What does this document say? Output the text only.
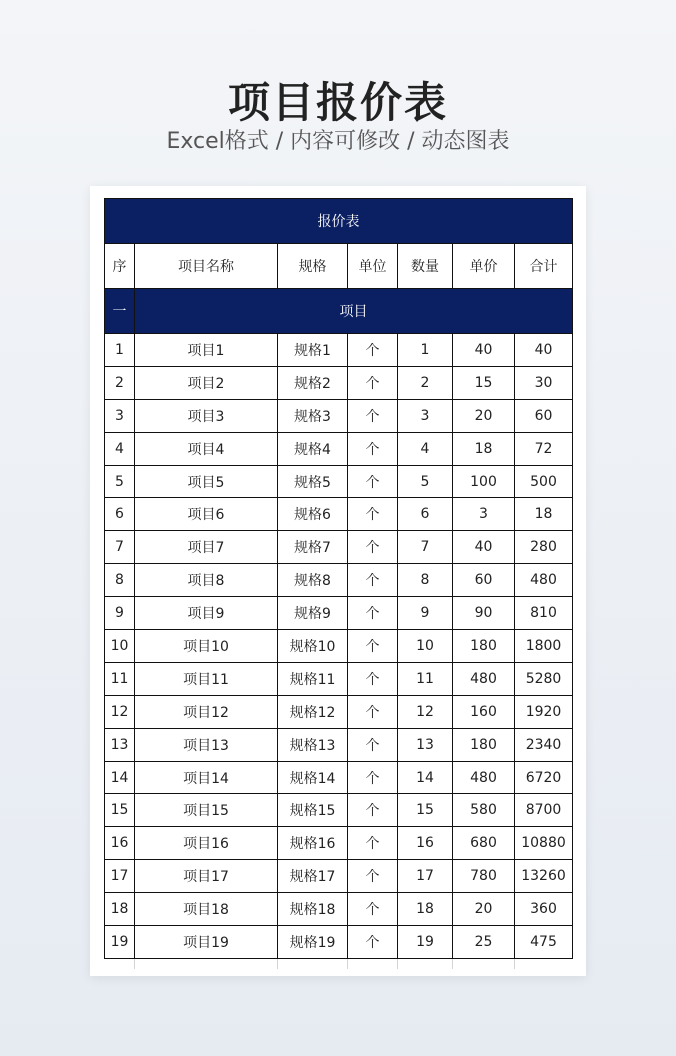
项目报价表
Excel格式 / 内容可修改 / 动态图表
报价表						
序	项目名称	规格	单位	数量	单价	合计
一	项目					
1	项目1	规格1	个	1	40	40
2	项目2	规格2	个	2	15	30
3	项目3	规格3	个	3	20	60
4	项目4	规格4	个	4	18	72
5	项目5	规格5	个	5	100	500
6	项目6	规格6	个	6	3	18
7	项目7	规格7	个	7	40	280
8	项目8	规格8	个	8	60	480
9	项目9	规格9	个	9	90	810
10	项目10	规格10	个	10	180	1800
11	项目11	规格11	个	11	480	5280
12	项目12	规格12	个	12	160	1920
13	项目13	规格13	个	13	180	2340
14	项目14	规格14	个	14	480	6720
15	项目15	规格15	个	15	580	8700
16	项目16	规格16	个	16	680	10880
17	项目17	规格17	个	17	780	13260
18	项目18	规格18	个	18	20	360
19	项目19	规格19	个	19	25	475
